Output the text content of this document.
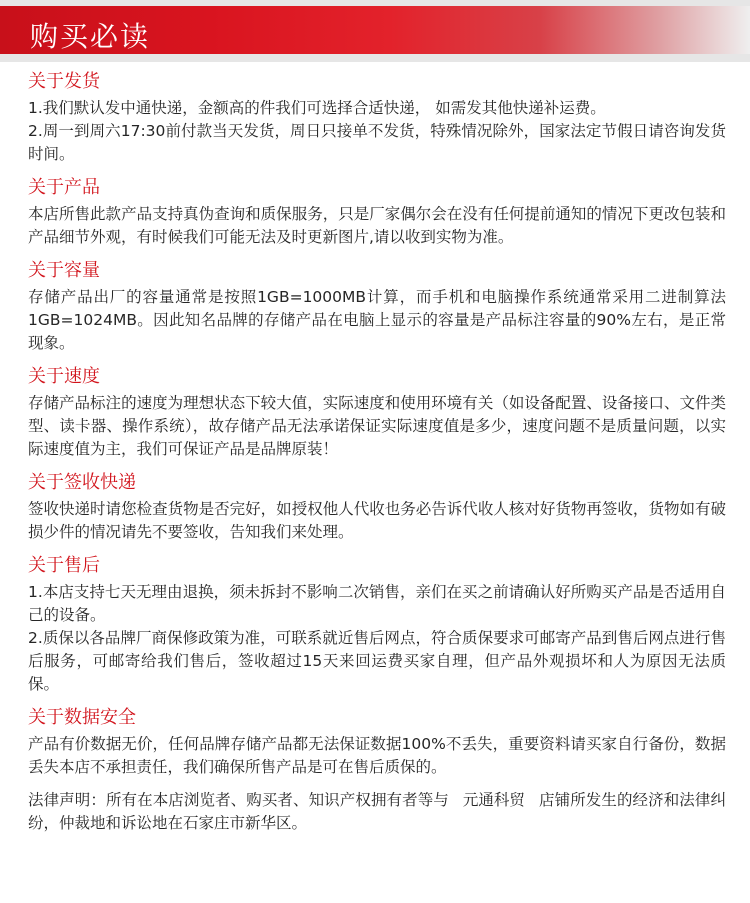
购买必读
关于发货

1.我们默认发中通快递，金额高的件我们可选择合适快递， 如需发其他快递补运费。

2.周一到周六17:30前付款当天发货，周日只接单不发货，特殊情况除外，国家法定节假日请咨询发货时间。

关于产品

本店所售此款产品支持真伪查询和质保服务，只是厂家偶尔会在没有任何提前通知的情况下更改包装和产品细节外观，有时候我们可能无法及时更新图片,请以收到实物为准。

关于容量

存储产品出厂的容量通常是按照1GB=1000MB计算，而手机和电脑操作系统通常采用二进制算法1GB=1024MB。因此知名品牌的存储产品在电脑上显示的容量是产品标注容量的90%左右，是正常现象。

关于速度

存储产品标注的速度为理想状态下较大值，实际速度和使用环境有关（如设备配置、设备接口、文件类型、读卡器、操作系统），故存储产品无法承诺保证实际速度值是多少，速度问题不是质量问题，以实际速度值为主，我们可保证产品是品牌原装！

关于签收快递

签收快递时请您检查货物是否完好，如授权他人代收也务必告诉代收人核对好货物再签收，货物如有破损少件的情况请先不要签收，告知我们来处理。

关于售后

1.本店支持七天无理由退换，须未拆封不影响二次销售，亲们在买之前请确认好所购买产品是否适用自己的设备。

2.质保以各品牌厂商保修政策为准，可联系就近售后网点，符合质保要求可邮寄产品到售后网点进行售后服务，可邮寄给我们售后，签收超过15天来回运费买家自理，但产品外观损坏和人为原因无法质保。

关于数据安全

产品有价数据无价，任何品牌存储产品都无法保证数据100%不丢失，重要资料请买家自行备份，数据丢失本店不承担责任，我们确保所售产品是可在售后质保的。

法律声明：所有在本店浏览者、购买者、知识产权拥有者等与 元通科贸 店铺所发生的经济和法律纠纷，仲裁地和诉讼地在石家庄市新华区。
